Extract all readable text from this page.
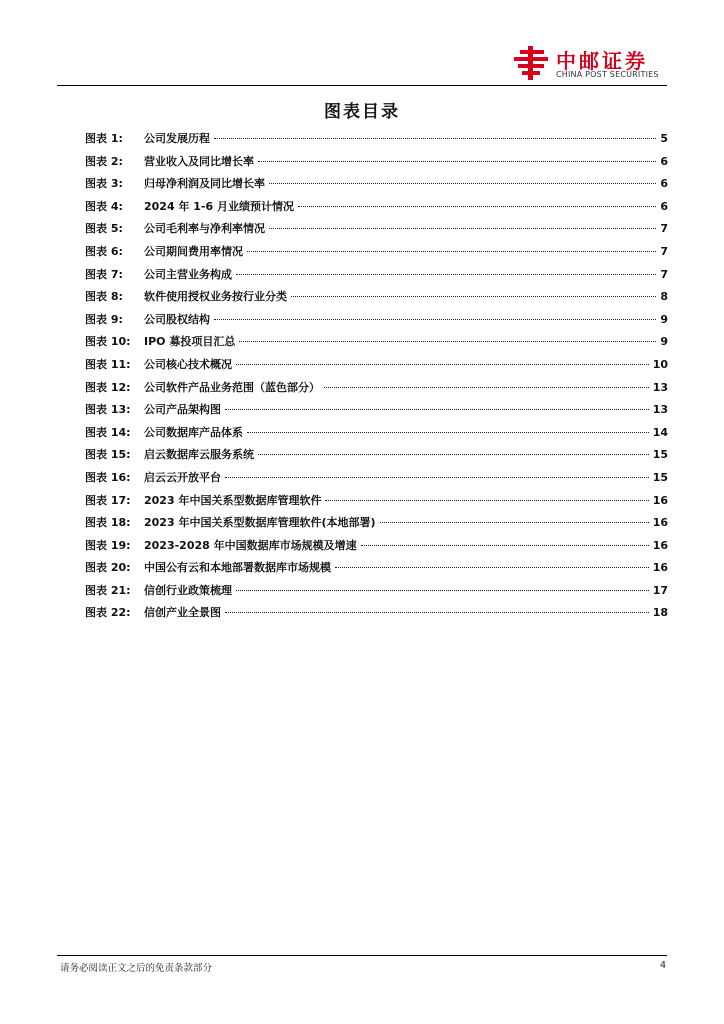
中邮证券
CHINA POST SECURITIES
图表目录
图表 1:	公司发展历程	5
图表 2:	营业收入及同比增长率	6
图表 3:	归母净利润及同比增长率	6
图表 4:	2024 年 1-6 月业绩预计情况	6
图表 5:	公司毛利率与净利率情况	7
图表 6:	公司期间费用率情况	7
图表 7:	公司主营业务构成	7
图表 8:	软件使用授权业务按行业分类	8
图表 9:	公司股权结构	9
图表 10:	IPO 募投项目汇总	9
图表 11:	公司核心技术概况	10
图表 12:	公司软件产品业务范围（蓝色部分）	13
图表 13:	公司产品架构图	13
图表 14:	公司数据库产品体系	14
图表 15:	启云数据库云服务系统	15
图表 16:	启云云开放平台	15
图表 17:	2023 年中国关系型数据库管理软件	16
图表 18:	2023 年中国关系型数据库管理软件(本地部署)	16
图表 19:	2023-2028 年中国数据库市场规模及增速	16
图表 20:	中国公有云和本地部署数据库市场规模	16
图表 21:	信创行业政策梳理	17
图表 22:	信创产业全景图	18
请务必阅读正文之后的免责条款部分	4
